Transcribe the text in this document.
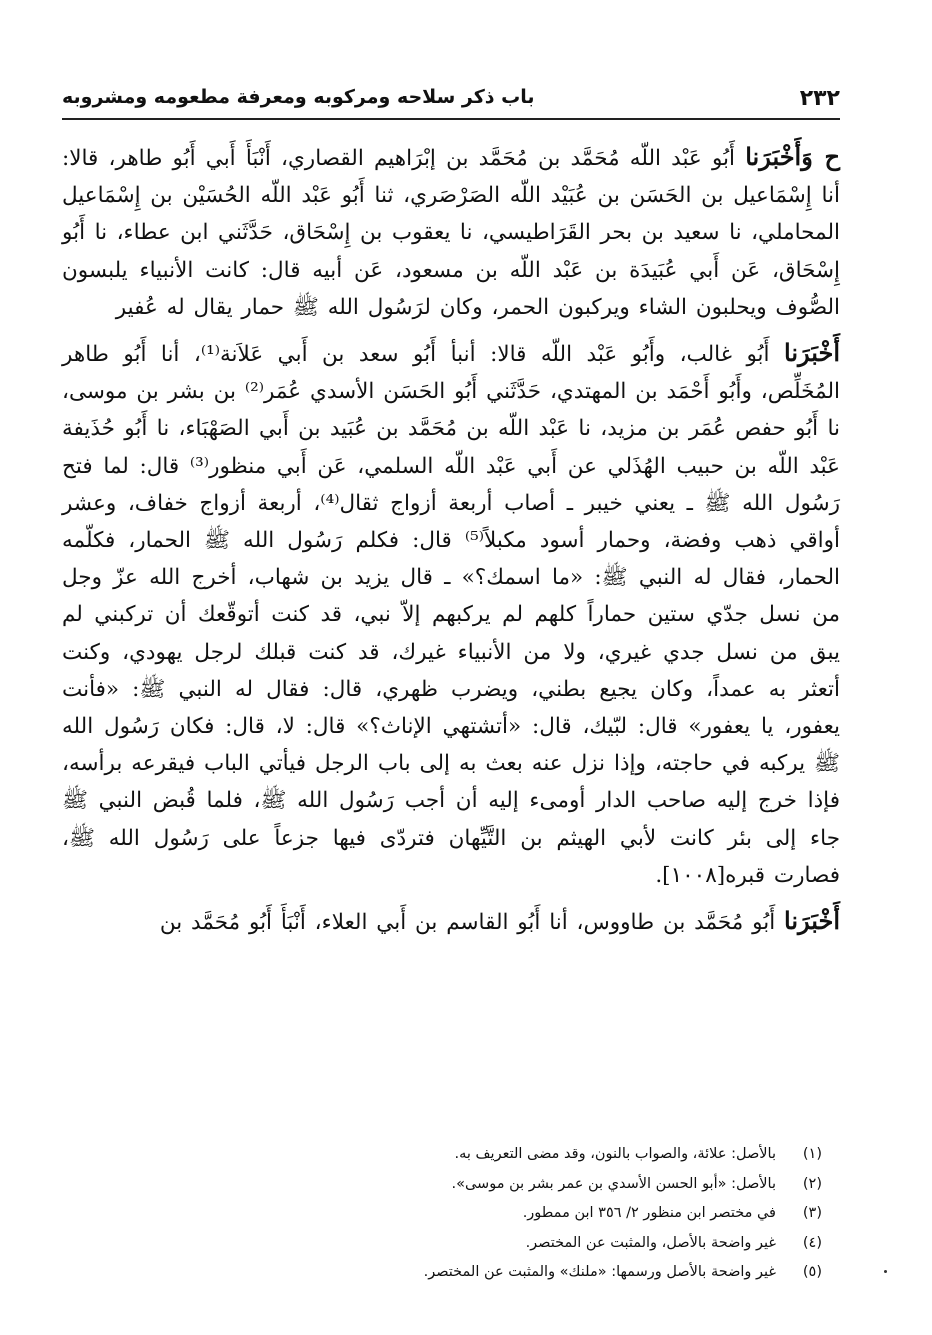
٢٣٢
باب ذكر سلاحه ومركوبه ومعرفة مطعومه ومشروبه

ح وَأَخْبَرَنا أَبُو عَبْد اللّه مُحَمَّد بن مُحَمَّد بن إبْرَاهيم القصاري، أَنْبَأَ أَبي أَبُو طاهر، قالا: أنا إِسْمَاعيل بن الحَسَن بن عُبَيْد اللّه الصَرْصَري، ثنا أَبُو عَبْد اللّه الحُسَيْن بن إِسْمَاعيل المحاملي، نا سعيد بن بحر القَرَاطيسي، نا يعقوب بن إِسْحَاق، حَدَّثَني ابن عطاء، نا أَبُو إِسْحَاق، عَن أَبي عُبَيدَة بن عَبْد اللّه بن مسعود، عَن أبيه قال: كانت الأنبياء يلبسون الصُّوف ويحلبون الشاء ويركبون الحمر، وكان لرَسُول الله ﷺ حمار يقال له عُفير

أَخْبَرَنا أَبُو غالب، وأَبُو عَبْد اللّه قالا: أنبأ أَبُو سعد بن أَبي عَلاَنة⁽¹⁾، أنا أَبُو طاهر المُخَلِّص، وأَبُو أَحْمَد بن المهتدي، حَدَّثَني أَبُو الحَسَن الأسدي عُمَر⁽²⁾ بن بشر بن موسى، نا أَبُو حفص عُمَر بن مزيد، نا عَبْد اللّه بن مُحَمَّد بن عُبَيد بن أَبي الصَهْبَاء، نا أَبُو حُذَيفة عَبْد اللّه بن حبيب الهُذَلي عن أَبي عَبْد اللّه السلمي، عَن أَبي منظور⁽³⁾ قال: لما فتح رَسُول الله ﷺ ـ يعني خيبر ـ أصاب أربعة أزواج ثقال⁽⁴⁾، أربعة أزواج خفاف، وعشر أواقي ذهب وفضة، وحمار أسود مكبلاً⁽⁵⁾ قال: فكلم رَسُول الله ﷺ الحمار، فكلّمه الحمار، فقال له النبي ﷺ: «ما اسمك؟» ـ قال يزيد بن شهاب، أخرج الله عزّ وجل من نسل جدّي ستين حماراً كلهم لم يركبهم إلاّ نبي، قد كنت أتوقّعك أن تركبني لم يبق من نسل جدي غيري، ولا من الأنبياء غيرك، قد كنت قبلك لرجل يهودي، وكنت أتعثر به عمداً، وكان يجيع بطني، ويضرب ظهري، قال: فقال له النبي ﷺ: «فأنت يعفور، يا يعفور» قال: لبّيك، قال: «أتشتهي الإناث؟» قال: لا، قال: فكان رَسُول الله ﷺ يركبه في حاجته، وإذا نزل عنه بعث به إلى باب الرجل فيأتي الباب فيقرعه برأسه، فإذا خرج إليه صاحب الدار أومىء إليه أن أجب رَسُول الله ﷺ، فلما قُبض النبي ﷺ جاء إلى بئر كانت لأبي الهيثم بن التَّيِّهان فتردّى فيها جزعاً على رَسُول الله ﷺ، فصارت قبره[١٠٠٨].

أَخْبَرَنا أَبُو مُحَمَّد بن طاووس، أنا أَبُو القاسم بن أَبي العلاء، أَنْبَأَ أَبُو مُحَمَّد بن

(١)بالأصل: علائة، والصواب بالنون، وقد مضى التعريف به.
(٢)بالأصل: «أبو الحسن الأسدي بن عمر بشر بن موسى».
(٣)في مختصر ابن منظور ٢/ ٣٥٦ ابن ممطور.
(٤)غير واضحة بالأصل، والمثبت عن المختصر.
(٥)غير واضحة بالأصل ورسمها: «ملنك» والمثبت عن المختصر.
